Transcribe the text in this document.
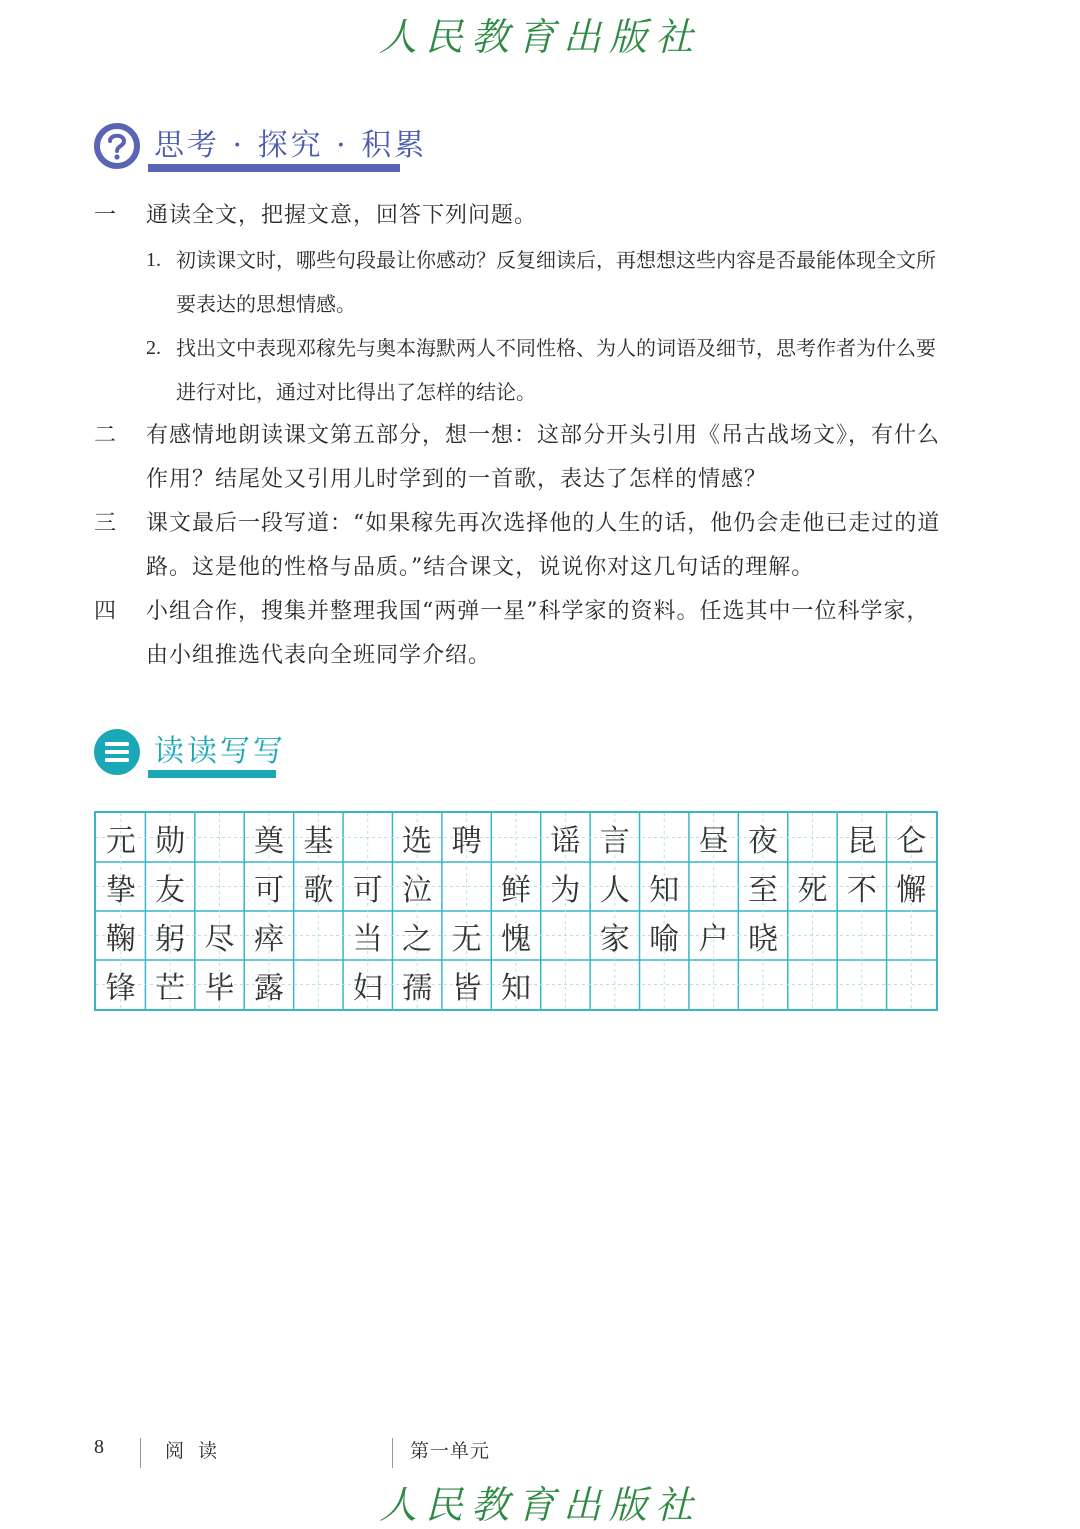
人民教育出版社
思考 · 探究 · 积累
一	通读全文，把握文意，回答下列问题。
1. 初读课文时，哪些句段最让你感动？反复细读后，再想想这些内容是否最能体现全文所要表达的思想情感。
2. 找出文中表现邓稼先与奥本海默两人不同性格、为人的词语及细节，思考作者为什么要进行对比，通过对比得出了怎样的结论。
二	有感情地朗读课文第五部分，想一想：这部分开头引用《吊古战场文》，有什么作用？结尾处又引用儿时学到的一首歌，表达了怎样的情感？
三	课文最后一段写道：“如果稼先再次选择他的人生的话，他仍会走他已走过的道路。这是他的性格与品质。”结合课文，说说你对这几句话的理解。
四	小组合作，搜集并整理我国“两弹一星”科学家的资料。任选其中一位科学家，由小组推选代表向全班同学介绍。
读读写写
元 勋	奠 基	选 聘	谣 言	昼 夜	昆 仑
挚 友	可 歌 可 泣	鲜 为 人 知	至 死 不 懈
鞠 躬 尽 瘁	当 之 无 愧	家 喻 户 晓
锋 芒 毕 露	妇 孺 皆 知
8	阅 读	第一单元
人民教育出版社
